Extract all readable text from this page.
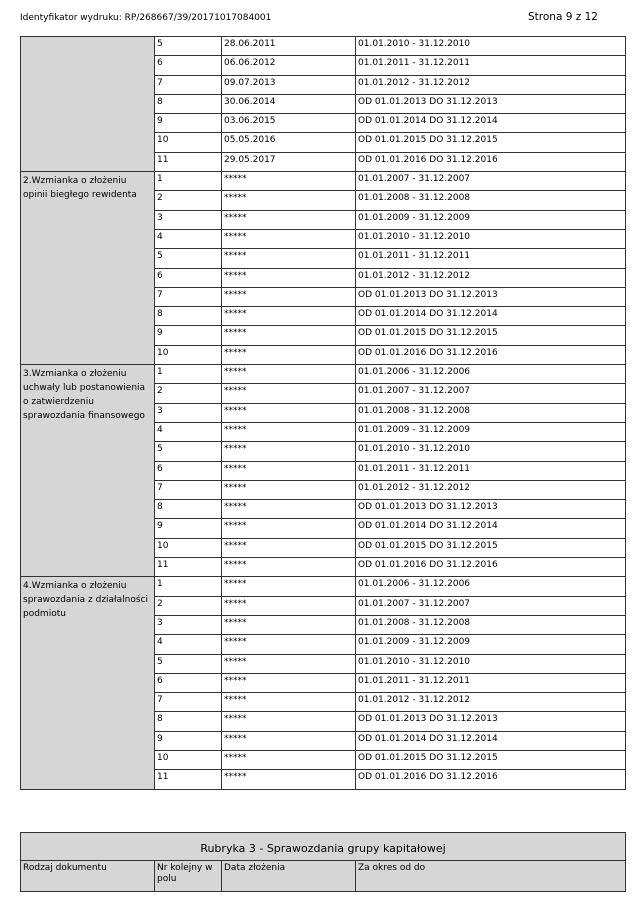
Identyfikator wydruku: RP/268667/39/20171017084001	Strona 9 z 12
	5	28.06.2011	01.01.2010 - 31.12.2010
	6	06.06.2012	01.01.2011 - 31.12.2011
	7	09.07.2013	01.01.2012 - 31.12.2012
	8	30.06.2014	OD 01.01.2013 DO 31.12.2013
	9	03.06.2015	OD 01.01.2014 DO 31.12.2014
	10	05.05.2016	OD 01.01.2015 DO 31.12.2015
	11	29.05.2017	OD 01.01.2016 DO 31.12.2016
2.Wzmianka o złożeniu opinii biegłego rewidenta	1	*****	01.01.2007 - 31.12.2007
	2	*****	01.01.2008 - 31.12.2008
	3	*****	01.01.2009 - 31.12.2009
	4	*****	01.01.2010 - 31.12.2010
	5	*****	01.01.2011 - 31.12.2011
	6	*****	01.01.2012 - 31.12.2012
	7	*****	OD 01.01.2013 DO 31.12.2013
	8	*****	OD 01.01.2014 DO 31.12.2014
	9	*****	OD 01.01.2015 DO 31.12.2015
	10	*****	OD 01.01.2016 DO 31.12.2016
3.Wzmianka o złożeniu uchwały lub postanowienia o zatwierdzeniu sprawozdania finansowego	1	*****	01.01.2006 - 31.12.2006
	2	*****	01.01.2007 - 31.12.2007
	3	*****	01.01.2008 - 31.12.2008
	4	*****	01.01.2009 - 31.12.2009
	5	*****	01.01.2010 - 31.12.2010
	6	*****	01.01.2011 - 31.12.2011
	7	*****	01.01.2012 - 31.12.2012
	8	*****	OD 01.01.2013 DO 31.12.2013
	9	*****	OD 01.01.2014 DO 31.12.2014
	10	*****	OD 01.01.2015 DO 31.12.2015
	11	*****	OD 01.01.2016 DO 31.12.2016
4.Wzmianka o złożeniu sprawozdania z działalności podmiotu	1	*****	01.01.2006 - 31.12.2006
	2	*****	01.01.2007 - 31.12.2007
	3	*****	01.01.2008 - 31.12.2008
	4	*****	01.01.2009 - 31.12.2009
	5	*****	01.01.2010 - 31.12.2010
	6	*****	01.01.2011 - 31.12.2011
	7	*****	01.01.2012 - 31.12.2012
	8	*****	OD 01.01.2013 DO 31.12.2013
	9	*****	OD 01.01.2014 DO 31.12.2014
	10	*****	OD 01.01.2015 DO 31.12.2015
	11	*****	OD 01.01.2016 DO 31.12.2016
Rubryka 3 - Sprawozdania grupy kapitałowej
Rodzaj dokumentu	Nr kolejny w polu	Data złożenia	Za okres od do
